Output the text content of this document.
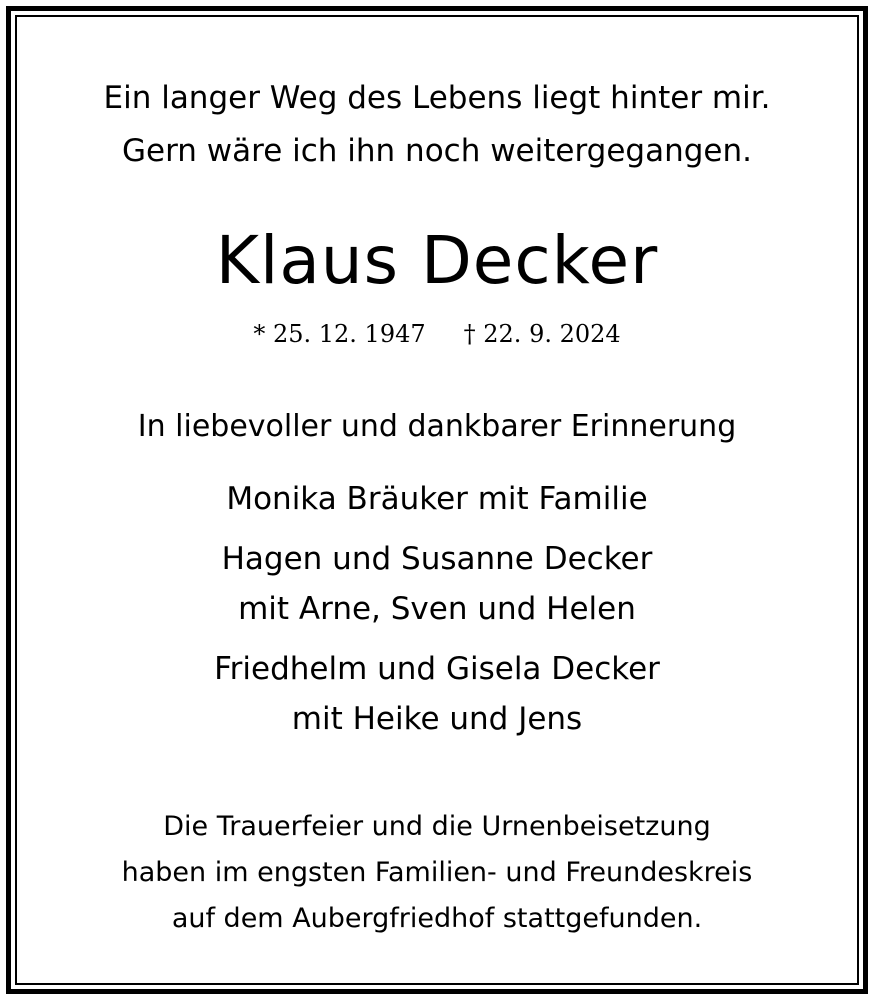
Ein langer Weg des Lebens liegt hinter mir.
Gern wäre ich ihn noch weitergegangen.
Klaus Decker
* 25. 12. 1947 † 22. 9. 2024
In liebevoller und dankbarer Erinnerung
Monika Bräuker mit Familie
Hagen und Susanne Decker
mit Arne, Sven und Helen
Friedhelm und Gisela Decker
mit Heike und Jens
Die Trauerfeier und die Urnenbeisetzung
haben im engsten Familien- und Freundeskreis
auf dem Aubergfriedhof stattgefunden.
